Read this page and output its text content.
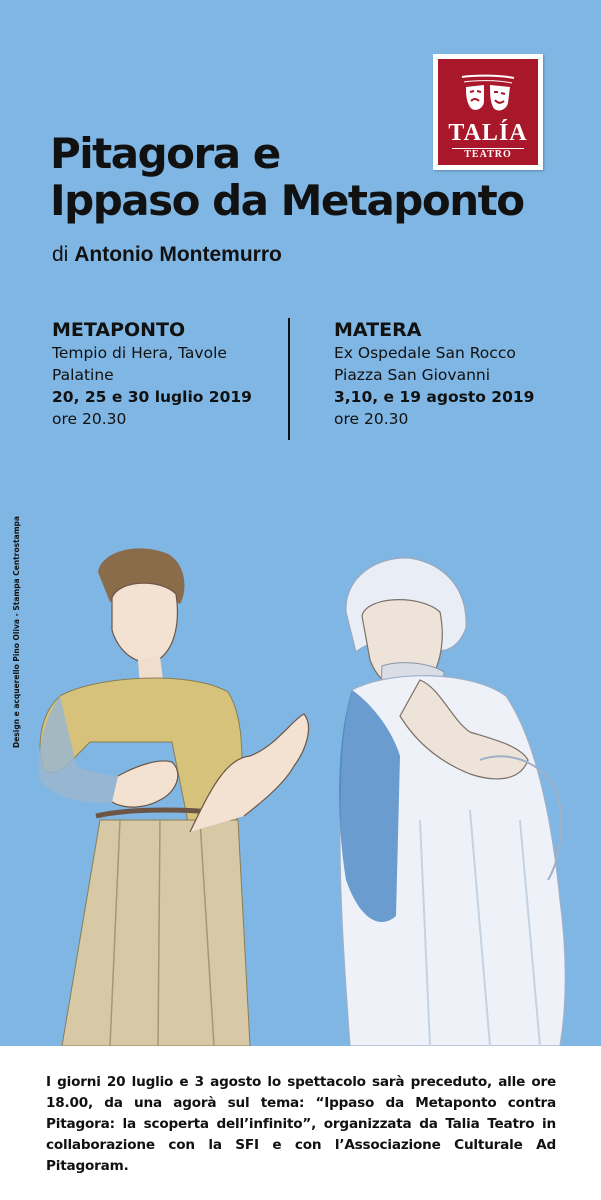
TALÍA
TEATRO
Pitagora e
Ippaso da Metaponto
di Antonio Montemurro
METAPONTO
Tempio di Hera, Tavole
Palatine
20, 25 e 30 luglio 2019
ore 20.30
MATERA
Ex Ospedale San Rocco
Piazza San Giovanni
3,10, e 19 agosto 2019
ore 20.30
Design e acquerello Pino Oliva - Stampa Centrostampa

I giorni 20 luglio e 3 agosto lo spettacolo sarà preceduto, alle ore 18.00, da una agorà sul tema: “Ippaso da Metaponto contra Pitagora: la scoperta dell’infinito”, organizzata da Talia Teatro in collaborazione con la SFI e con l’Associazione Culturale Ad Pitagoram.
